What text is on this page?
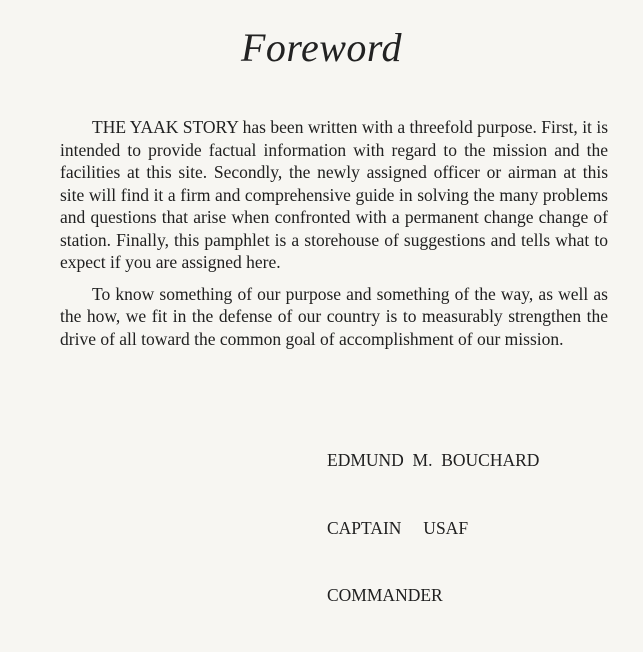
Foreword

THE YAAK STORY has been written with a threefold purpose. First, it is intended to provide factual information with regard to the mission and the facilities at this site. Secondly, the newly assigned officer or airman at this site will find it a firm and comprehensive guide in solving the many problems and questions that arise when confronted with a permanent change change of station. Finally, this pamphlet is a storehouse of suggestions and tells what to expect if you are assigned here.

To know something of our purpose and something of the way, as well as the how, we fit in the defense of our country is to measurably strengthen the drive of all toward the common goal of accomplishment of our mission.

EDMUND  M.  BOUCHARD

CAPTAIN     USAF

COMMANDER
